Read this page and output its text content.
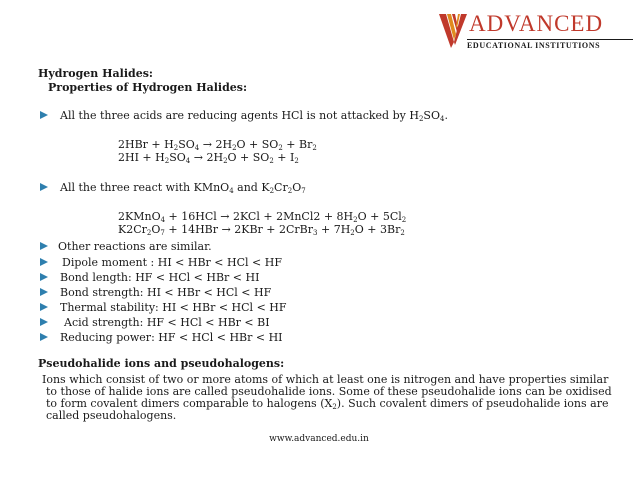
ADVANCED
EDUCATIONAL INSTITUTIONS
Hydrogen Halides:
Properties of Hydrogen Halides:
All the three acids are reducing agents HCl is not attacked by $H_2SO_4$.
$2HBr + H_2SO_4 \to 2H_2O + SO_2 + Br_2$
$2HI + H_2SO_4 \to 2H_2O + SO_2 + I_2$
All the three react with KMnO$_4$ and $K_2Cr_2O_7$
2KMnO$_4$ + 16HCl → 2KCl + 2MnCl2 + $8H_2O + 5Cl_2$
$K2Cr_2O_7 + 14HBr \to 2KBr$ + 2CrBr$_3$ + $7H_2O + 3Br_2$
Other reactions are similar.
Dipole moment : HI < HBr < HCl < HF
Bond length: HF < HCl < HBr < HI
Bond strength: HI < HBr < HCl < HF
Thermal stability: HI < HBr < HCl < HF
Acid strength: HF < HCl < HBr < BI
Reducing power: HF < HCl < HBr < HI
Pseudohalide ions and pseudohalogens:
Ions which consist of two or more atoms of which at least one is nitrogen and have properties similar
to those of halide ions are called pseudohalide ions. Some of these pseudohalide ions can be oxidised
to form covalent dimers comparable to halogens $(X_2)$. Such covalent dimers of pseudohalide ions are
called pseudohalogens.
www.advanced.edu.in
